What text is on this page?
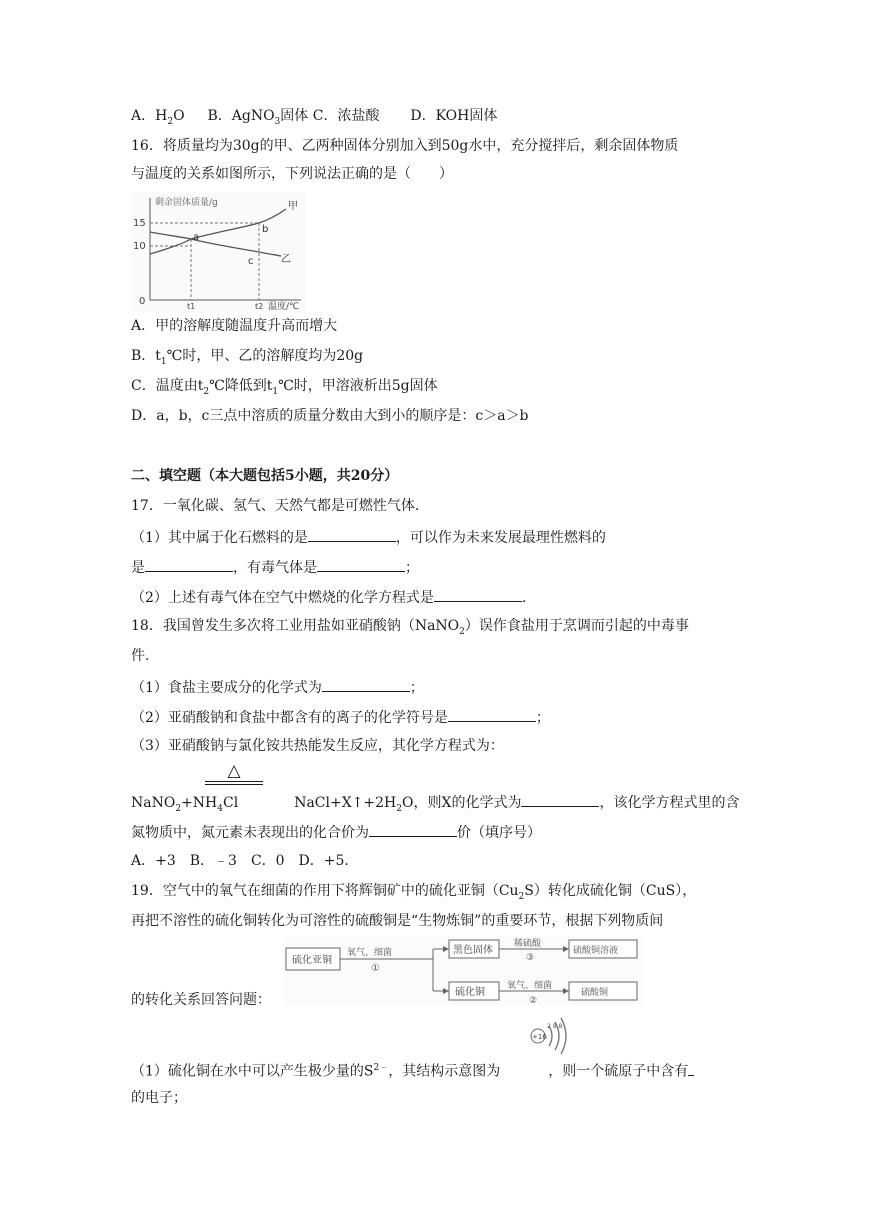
A．$H_2O$ B．AgNO$_3$固体 C．浓盐酸 D．KOH固体
16．将质量均为30g的甲、乙两种固体分别加入到50g水中，充分搅拌后，剩余固体物质
与温度的关系如图所示，下列说法正确的是（　　）
剩余固体质量/g
15
10
0
a
b
c
甲
乙
t1	t2 温度/℃
A．甲的溶解度随温度升高而增大
B．$t_1℃$时，甲、乙的溶解度均为20g
C．温度由$t_2℃$降低到$t_1℃$时，甲溶液析出5g固体
D．a，b，c三点中溶质的质量分数由大到小的顺序是：c＞a＞b
二、填空题（本大题包括5小题，共20分）
17．一氧化碳、氢气、天然气都是可燃性气体.
（1）其中属于化石燃料的是	，可以作为未来发展最理性燃料的
是	，有毒气体是	；
（2）上述有毒气体在空气中燃烧的化学方程式是	.
18．我国曾发生多次将工业用盐如亚硝酸钠（NaNO$_2$）误作食盐用于烹调而引起的中毒事
件.
（1）食盐主要成分的化学式为	；
（2）亚硝酸钠和食盐中都含有的离子的化学符号是	；
（3）亚硝酸钠与氯化铵共热能发生反应，其化学方程式为：
△
$NaNO_2+NH_4Cl$	$NaCl+X↑+2H_2O$，则X的化学式为	，该化学方程式里的含
氮物质中，氮元素未表现出的化合价为	价（填序号）
A．+3　B．﹣3　C．0　D．+5.
19．空气中的氧气在细菌的作用下将辉铜矿中的硫化亚铜$(Cu_2S)$转化成硫化铜（CuS），
再把不溶性的硫化铜转化为可溶性的硫酸铜是“生物炼铜”的重要环节，根据下列物质间
硫化亚铜
氧气、细菌
①
黑色固体
稀硫酸
③
硫酸铜溶液
硫化铜
氧气、细菌
②
硫酸铜
的转化关系回答问题：
+16
2 8 8
（1）硫化铜在水中可以产生极少量的$S^{2﹣}$，其结构示意图为	，则一个硫原子中含有
的电子；
